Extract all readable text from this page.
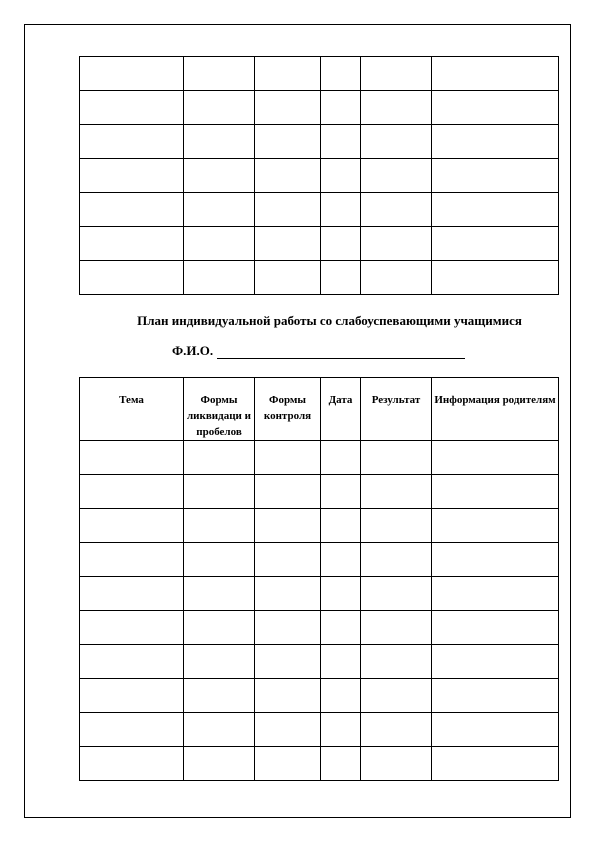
План индивидуальной работы со слабоуспевающими учащимися
Ф.И.О.
Тема	Формы ликвидаци и пробелов	Формы контроля	Дата	Результат	Информация родителям
